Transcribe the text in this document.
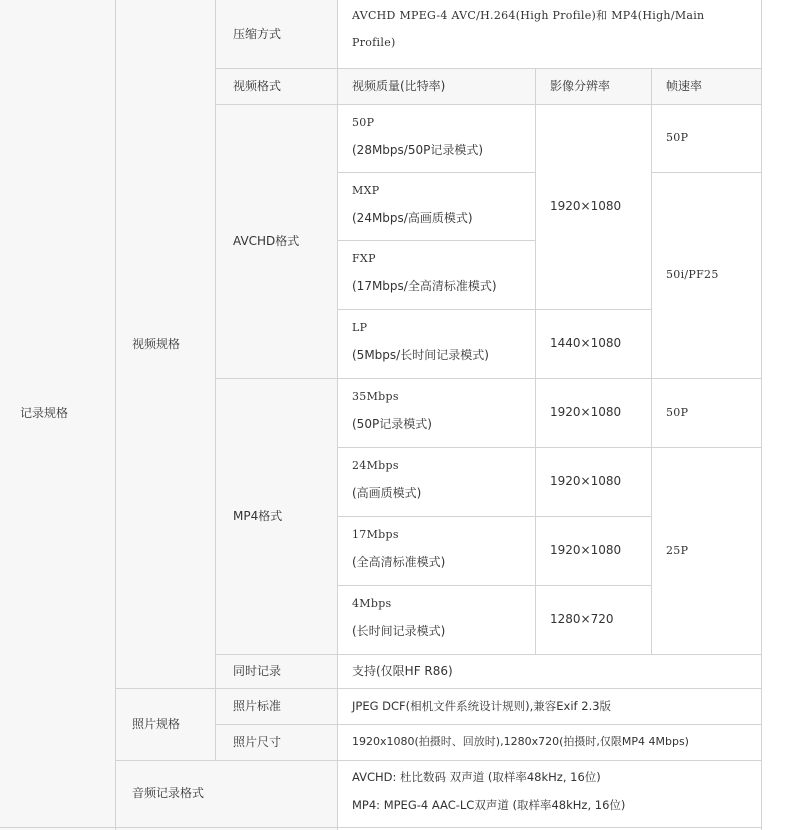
记录规格
视频规格
照片规格
音频记录格式
压缩方式
视频格式
AVCHD格式
MP4格式
同时记录
照片标准
照片尺寸
AVCHD MPEG-4 AVC/H.264(High Profile)和 MP4(High/Main
Profile)
视频质量(比特率)	影像分辨率	帧速率
50P
(28Mbps/50P记录模式)
MXP
(24Mbps/高画质模式)
FXP
(17Mbps/全高清标准模式)
LP
(5Mbps/长时间记录模式)
35Mbps
(50P记录模式)
24Mbps
(高画质模式)
17Mbps
(全高清标准模式)
4Mbps
(长时间记录模式)
1920×1080
1440×1080
1920×1080
1920×1080
1920×1080
1280×720
50P
50i/PF25
50P
25P
支持(仅限HF R86)
JPEG DCF(相机文件系统设计规则),兼容Exif 2.3版
1920x1080(拍摄时、回放时),1280x720(拍摄时,仅限MP4 4Mbps)
AVCHD: 杜比数码 双声道 (取样率48kHz, 16位)
MP4: MPEG-4 AAC-LC双声道 (取样率48kHz, 16位)
